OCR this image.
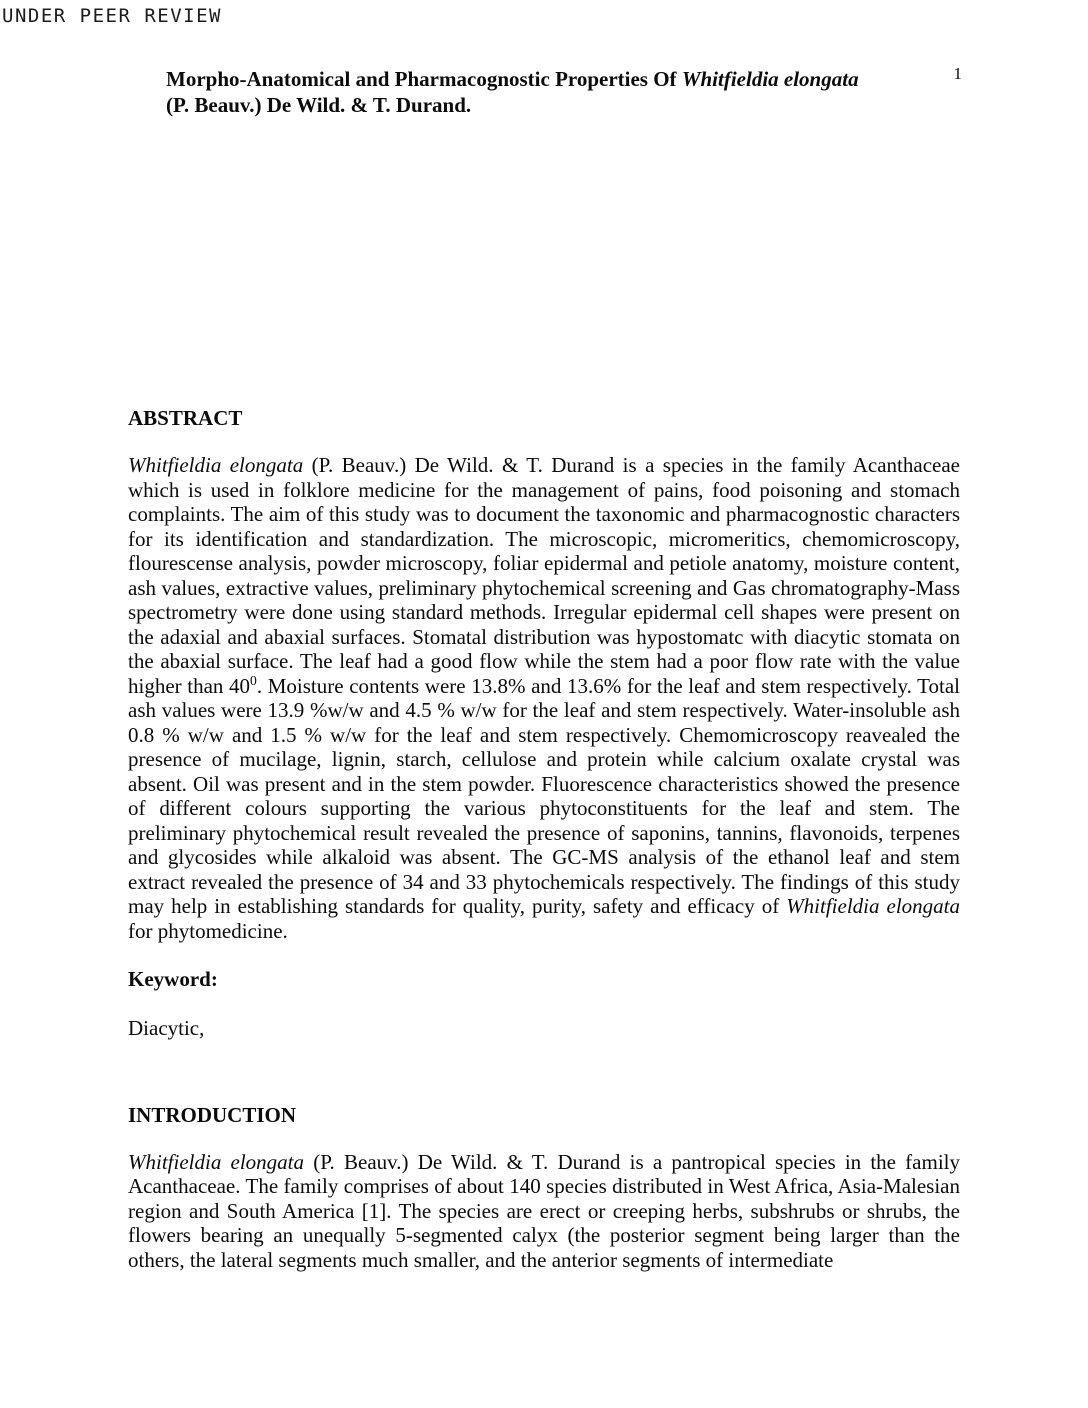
UNDER PEER REVIEW
1
Morpho-Anatomical and Pharmacognostic Properties Of Whitfieldia elongata (P. Beauv.) De Wild. & T. Durand.
ABSTRACT

Whitfieldia elongata (P. Beauv.) De Wild. & T. Durand is a species in the family Acanthaceae which is used in folklore medicine for the management of pains, food poisoning and stomach complaints. The aim of this study was to document the taxonomic and pharmacognostic characters for its identification and standardization. The microscopic, micromeritics, chemomicroscopy, flourescense analysis, powder microscopy, foliar epidermal and petiole anatomy, moisture content, ash values, extractive values, preliminary phytochemical screening and Gas chromatography-Mass spectrometry were done using standard methods. Irregular epidermal cell shapes were present on the adaxial and abaxial surfaces. Stomatal distribution was hypostomatc with diacytic stomata on the abaxial surface. The leaf had a good flow while the stem had a poor flow rate with the value higher than $40^0$. Moisture contents were 13.8% and 13.6% for the leaf and stem respectively. Total ash values were 13.9 %w/w and 4.5 % w/w for the leaf and stem respectively. Water-insoluble ash 0.8 % w/w and 1.5 % w/w for the leaf and stem respectively. Chemomicroscopy reavealed the presence of mucilage, lignin, starch, cellulose and protein while calcium oxalate crystal was absent. Oil was present and in the stem powder. Fluorescence characteristics showed the presence of different colours supporting the various phytoconstituents for the leaf and stem. The preliminary phytochemical result revealed the presence of saponins, tannins, flavonoids, terpenes and glycosides while alkaloid was absent. The GC-MS analysis of the ethanol leaf and stem extract revealed the presence of 34 and 33 phytochemicals respectively. The findings of this study may help in establishing standards for quality, purity, safety and efficacy of Whitfieldia elongata for phytomedicine.

Keyword:

Diacytic,

INTRODUCTION

Whitfieldia elongata (P. Beauv.) De Wild. & T. Durand is a pantropical species in the family Acanthaceae. The family comprises of about 140 species distributed in West Africa, Asia-Malesian region and South America [1]. The species are erect or creeping herbs, subshrubs or shrubs, the flowers bearing an unequally 5-segmented calyx (the posterior segment being larger than the others, the lateral segments much smaller, and the anterior segments of intermediate
